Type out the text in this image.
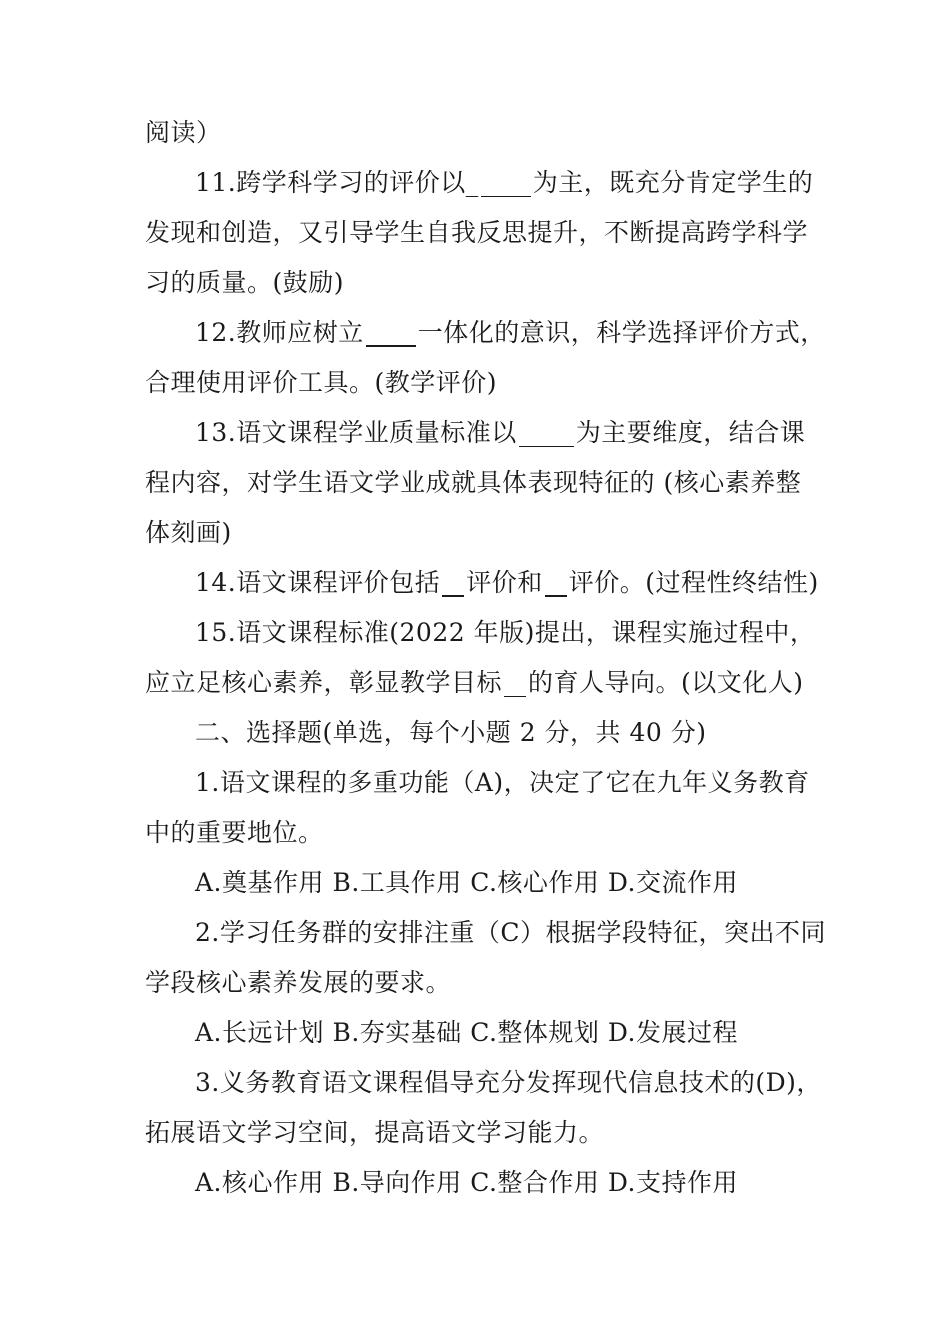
阅读）
11.跨学科学习的评价以_ 为主，既充分肯定学生的
发现和创造，又引导学生自我反思提升，不断提高跨学科学
习的质量。(鼓励)
12.教师应树立 一体化的意识，科学选择评价方式，
合理使用评价工具。(教学评价)
13.语文课程学业质量标准以 为主要维度，结合课
程内容，对学生语文学业成就具体表现特征的 (核心素养整
体刻画)
14.语文课程评价包括 评价和 评价。(过程性终结性)
15.语文课程标准(2022 年版)提出，课程实施过程中，
应立足核心素养，彰显教学目标 的育人导向。(以文化人)
二、选择题(单选，每个小题 2 分，共 40 分)
1.语文课程的多重功能（A)，决定了它在九年义务教育
中的重要地位。
A.奠基作用 B.工具作用 C.核心作用 D.交流作用
2.学习任务群的安排注重（C）根据学段特征，突出不同
学段核心素养发展的要求。
A.长远计划 B.夯实基础 C.整体规划 D.发展过程
3.义务教育语文课程倡导充分发挥现代信息技术的(D)，
拓展语文学习空间，提高语文学习能力。
A.核心作用 B.导向作用 C.整合作用 D.支持作用
